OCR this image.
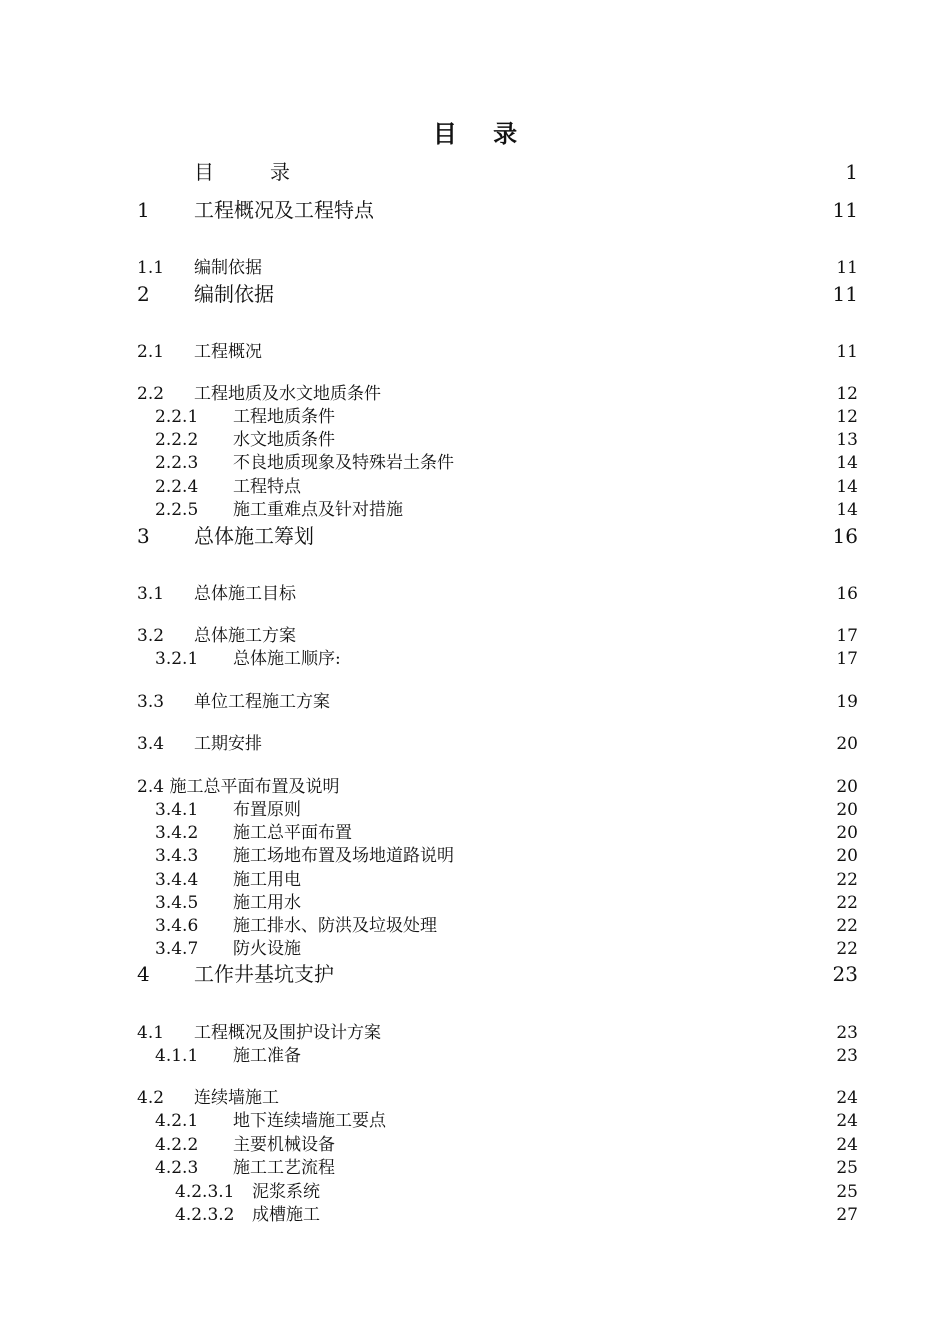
目 录
目　录	1
1 工程概况及工程特点	11
1.1 编制依据	11
2 编制依据	11
2.1 工程概况	11
2.2 工程地质及水文地质条件	12
2.2.1 工程地质条件	12
2.2.2 水文地质条件	13
2.2.3 不良地质现象及特殊岩土条件	14
2.2.4 工程特点	14
2.2.5 施工重难点及针对措施	14
3 总体施工筹划	16
3.1 总体施工目标	16
3.2 总体施工方案	17
3.2.1 总体施工顺序:	17
3.3 单位工程施工方案	19
3.4 工期安排	20
2.4 施工总平面布置及说明	20
3.4.1 布置原则	20
3.4.2 施工总平面布置	20
3.4.3 施工场地布置及场地道路说明	20
3.4.4 施工用电	22
3.4.5 施工用水	22
3.4.6 施工排水、防洪及垃圾处理	22
3.4.7 防火设施	22
4 工作井基坑支护	23
4.1 工程概况及围护设计方案	23
4.1.1 施工准备	23
4.2 连续墙施工	24
4.2.1 地下连续墙施工要点	24
4.2.2 主要机械设备	24
4.2.3 施工工艺流程	25
4.2.3.1 泥浆系统	25
4.2.3.2 成槽施工	27
